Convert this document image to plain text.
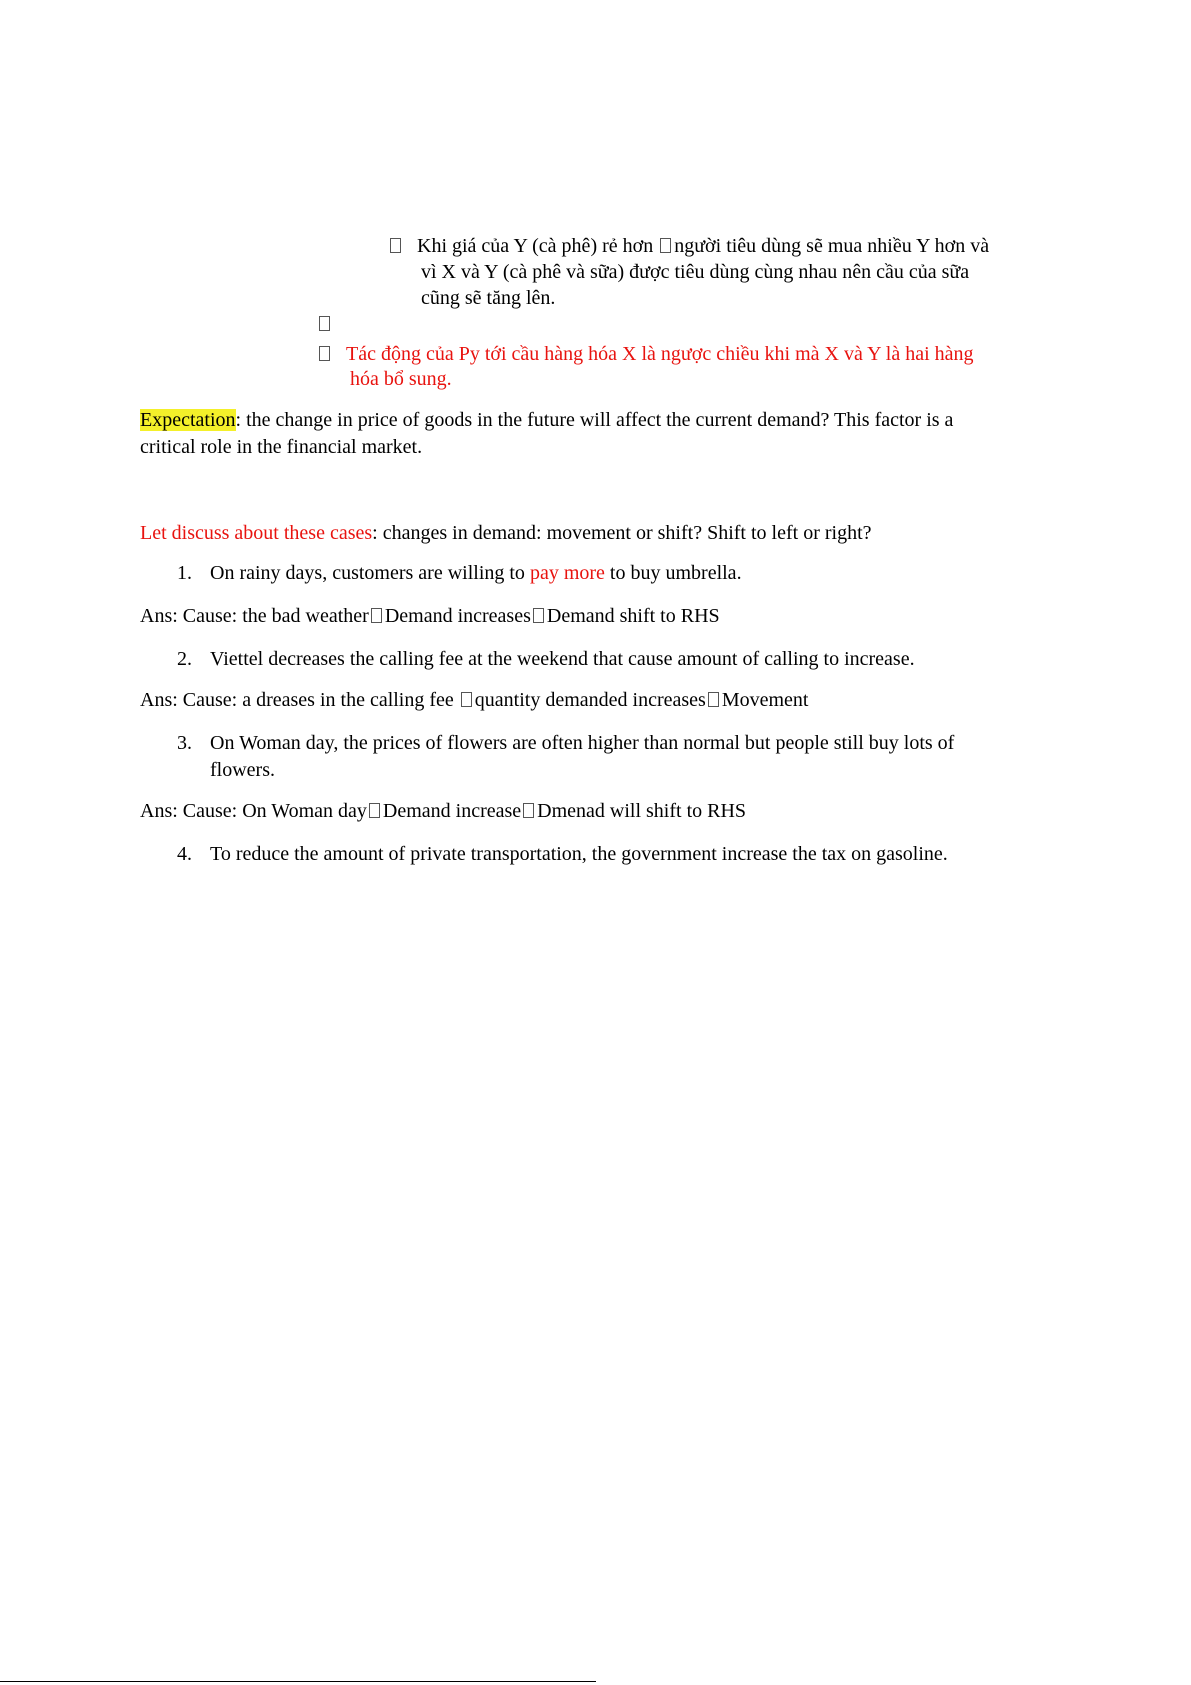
Khi giá của Y (cà phê) rẻ hơn người tiêu dùng sẽ mua nhiều Y hơn và
vì X và Y (cà phê và sữa) được tiêu dùng cùng nhau nên cầu của sữa
cũng sẽ tăng lên.
Tác động của Py tới cầu hàng hóa X là ngược chiều khi mà X và Y là hai hàng
hóa bổ sung.
Expectation: the change in price of goods in the future will affect the current demand? This factor is a
critical role in the financial market.
Let discuss about these cases: changes in demand: movement or shift? Shift to left or right?
1. On rainy days, customers are willing to pay more to buy umbrella.
Ans: Cause: the bad weather Demand increases Demand shift to RHS
2. Viettel decreases the calling fee at the weekend that cause amount of calling to increase.
Ans: Cause: a dreases in the calling fee quantity demanded increases Movement
3. On Woman day, the prices of flowers are often higher than normal but people still buy lots of
flowers.
Ans: Cause: On Woman day Demand increase Dmenad will shift to RHS
4. To reduce the amount of private transportation, the government increase the tax on gasoline.
